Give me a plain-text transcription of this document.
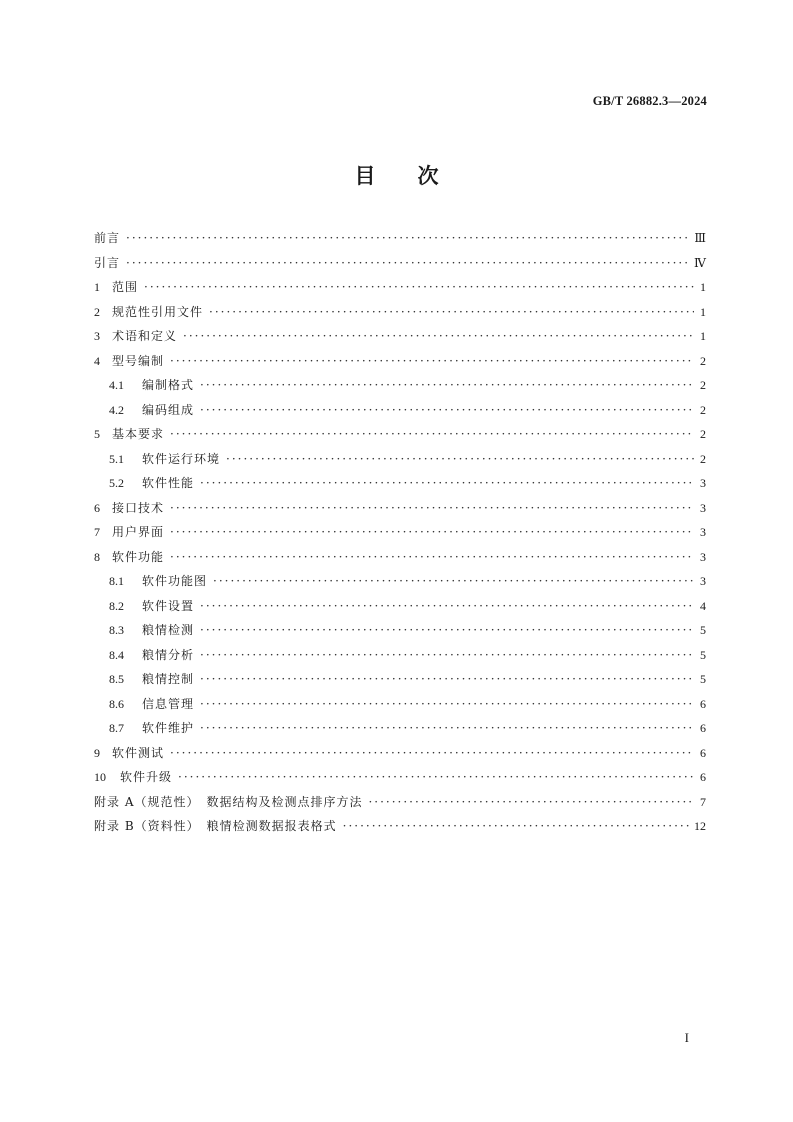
GB/T 26882.3—2024
目 次
前言 ·····	Ⅲ
引言 ·····	Ⅳ
1	范围 ·····	1
2	规范性引用文件 ·····	1
3	术语和定义 ·····	1
4	型号编制 ·····	2
4.1	编制格式 ·····	2
4.2	编码组成 ·····	2
5	基本要求 ·····	2
5.1	软件运行环境 ·····	2
5.2	软件性能 ·····	3
6	接口技术 ·····	3
7	用户界面 ·····	3
8	软件功能 ·····	3
8.1	软件功能图 ·····	3
8.2	软件设置 ·····	4
8.3	粮情检测 ·····	5
8.4	粮情分析 ·····	5
8.5	粮情控制 ·····	5
8.6	信息管理 ·····	6
8.7	软件维护 ·····	6
9	软件测试 ·····	6
10	软件升级 ·····	6
附录 A（规范性）　数据结构及检测点排序方法 ·····	7
附录 B（资料性）　粮情检测数据报表格式 ·····	12
I
